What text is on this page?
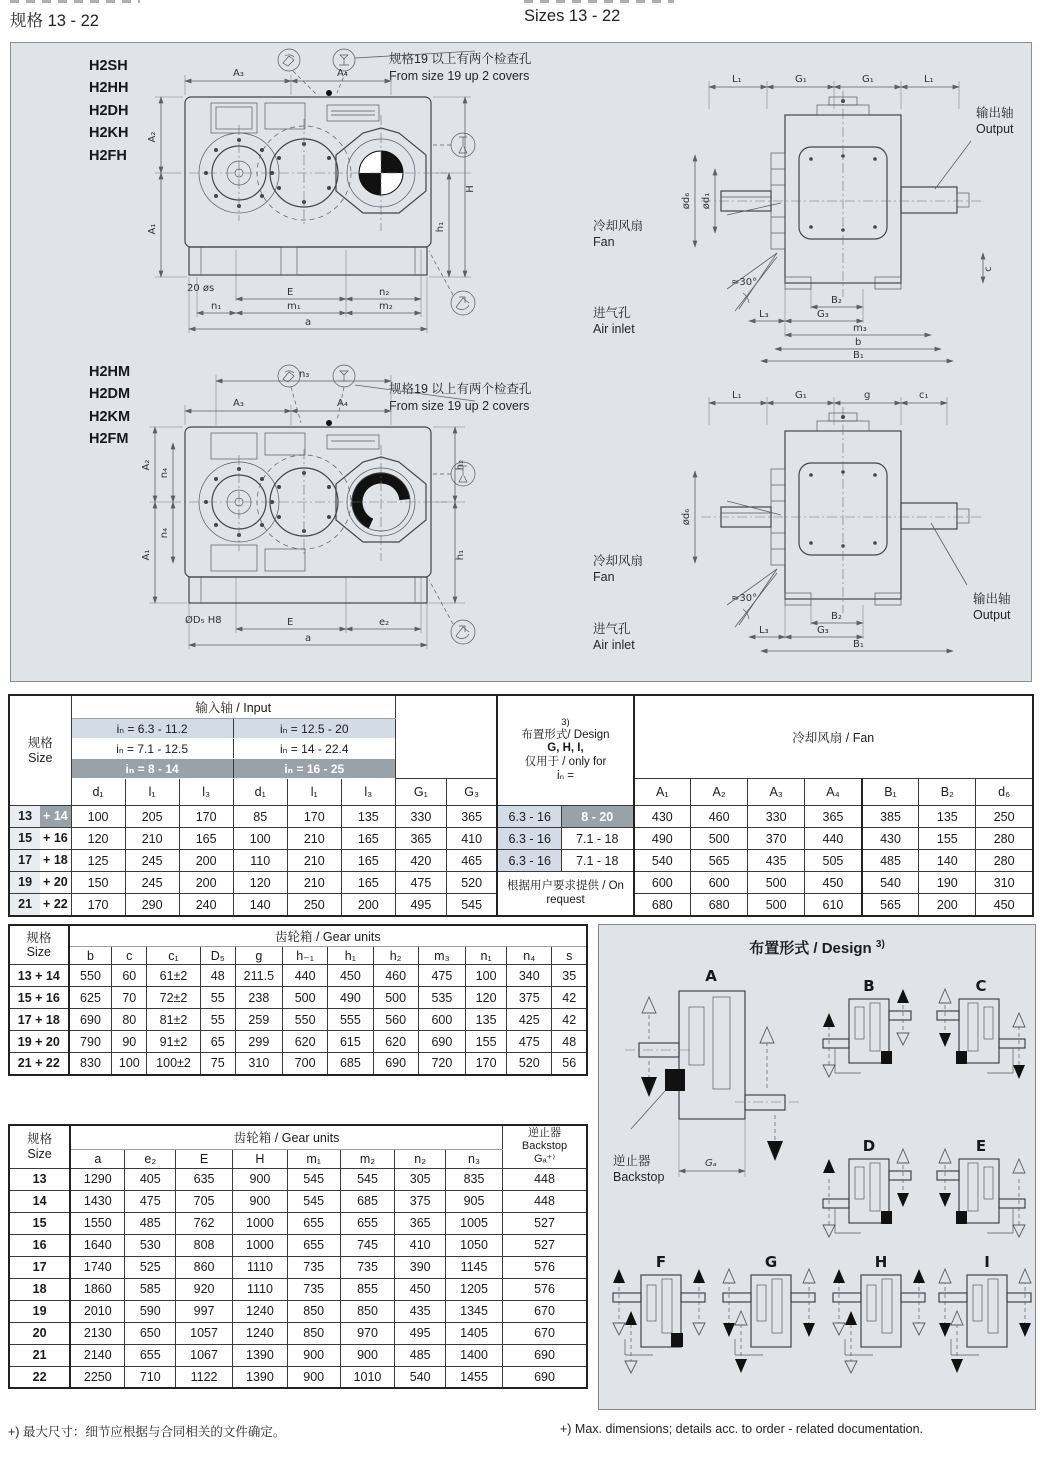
规格 13 - 22	Sizes 13 - 22
H2SH
H2HH
H2DH
H2KH
H2FH
H2HM
H2DM
H2KM
H2FM
规格19 以上有两个检查孔
From size 19 up 2 covers
规格19 以上有两个检查孔
From size 19 up 2 covers
A₃	A₄
A₂
A₁	h₁
H
20 øs	E	n₂
n₁	m₁	m₂
a
L₁	G₁	G₁	L₁
ød₁
ød₆
c
B₂
L₃	G₃
m₃
b
B₁
≈30°
输出轴
Output
冷却风扇
Fan
进气孔
Air inlet
n₃
A₃	A₄
A₂
A₁
n₄
n₄
h₂
h₁
ØD₅ H8	E	e₂
a
L₁	G₁	g	c₁
ød₆
B₂
L₃	G₃
B₁
≈30°	输出轴
Output
冷却风扇
Fan
进气孔
Air inlet
规格
Size
	输入轴 / Input		
3)
布置形式/ Design
G, H, I,
仅用于 / only for
iₙ =
	冷却风扇 / Fan
	iₙ = 6.3 - 11.2			iₙ = 12.5 - 20													
	iₙ = 7.1 - 12.5			iₙ = 14 - 22.4													
	iₙ = 8 - 14			iₙ = 16 - 25													
	d₁	l₁	l₃	d₁	l₁	l₃	G₁	G₃			A₁	A₂	A₃	A₄	B₁	B₂	d₆
13 + 14	100	205	170	85	170	135	330	365	6.3 - 16	8 - 20	430	460	330	365	385	135	250
15 + 16	120	210	165	100	210	165	365	410	6.3 - 16	7.1 - 18	490	500	370	440	430	155	280
17 + 18	125	245	200	110	210	165	420	465	6.3 - 16	7.1 - 18	540	565	435	505	485	140	280
19 + 20	150	245	200	120	210	165	475	520	根据用户要求提供 / On request		600	600	500	450	540	190	310
21 + 22	170	290	240	140	250	200	495	545			680	680	500	610	565	200	450
规格
Size	齿轮箱 / Gear units											
	b	c	c₁	D₅	g	h₋₁	h₁	h₂	m₃	n₁	n₄	s
13 + 14	550	60	61±2	48	211.5	440	450	460	475	100	340	35
15 + 16	625	70	72±2	55	238	500	490	500	535	120	375	42
17 + 18	690	80	81±2	55	259	550	555	560	600	135	425	42
19 + 20	790	90	91±2	65	299	620	615	620	690	155	475	48
21 + 22	830	100	100±2	75	310	700	685	690	720	170	520	56
规格
Size
	齿轮箱 / Gear units	逆止器
Backstop
Gₐ⁺⁾

	a	e₂	E	H	m₁	m₂	n₂	n₃	
13	1290	405	635	900	545	545	305	835	448
14	1430	475	705	900	545	685	375	905	448
15	1550	485	762	1000	655	655	365	1005	527
16	1640	530	808	1000	655	745	410	1050	527
17	1740	525	860	1110	735	735	390	1145	576
18	1860	585	920	1110	735	855	450	1205	576
19	2010	590	997	1240	850	850	435	1345	670
20	2130	650	1057	1240	850	970	495	1405	670
21	2140	655	1067	1390	900	900	485	1400	690
22	2250	710	1122	1390	900	1010	540	1455	690
布置形式 / Design $^{3)}$
A
Gₐ
逆止器
Backstop
B	C
D	E
F	G	H	I
+) 最大尺寸：细节应根据与合同相关的文件确定。	+) Max. dimensions; details acc. to order - related documentation.
